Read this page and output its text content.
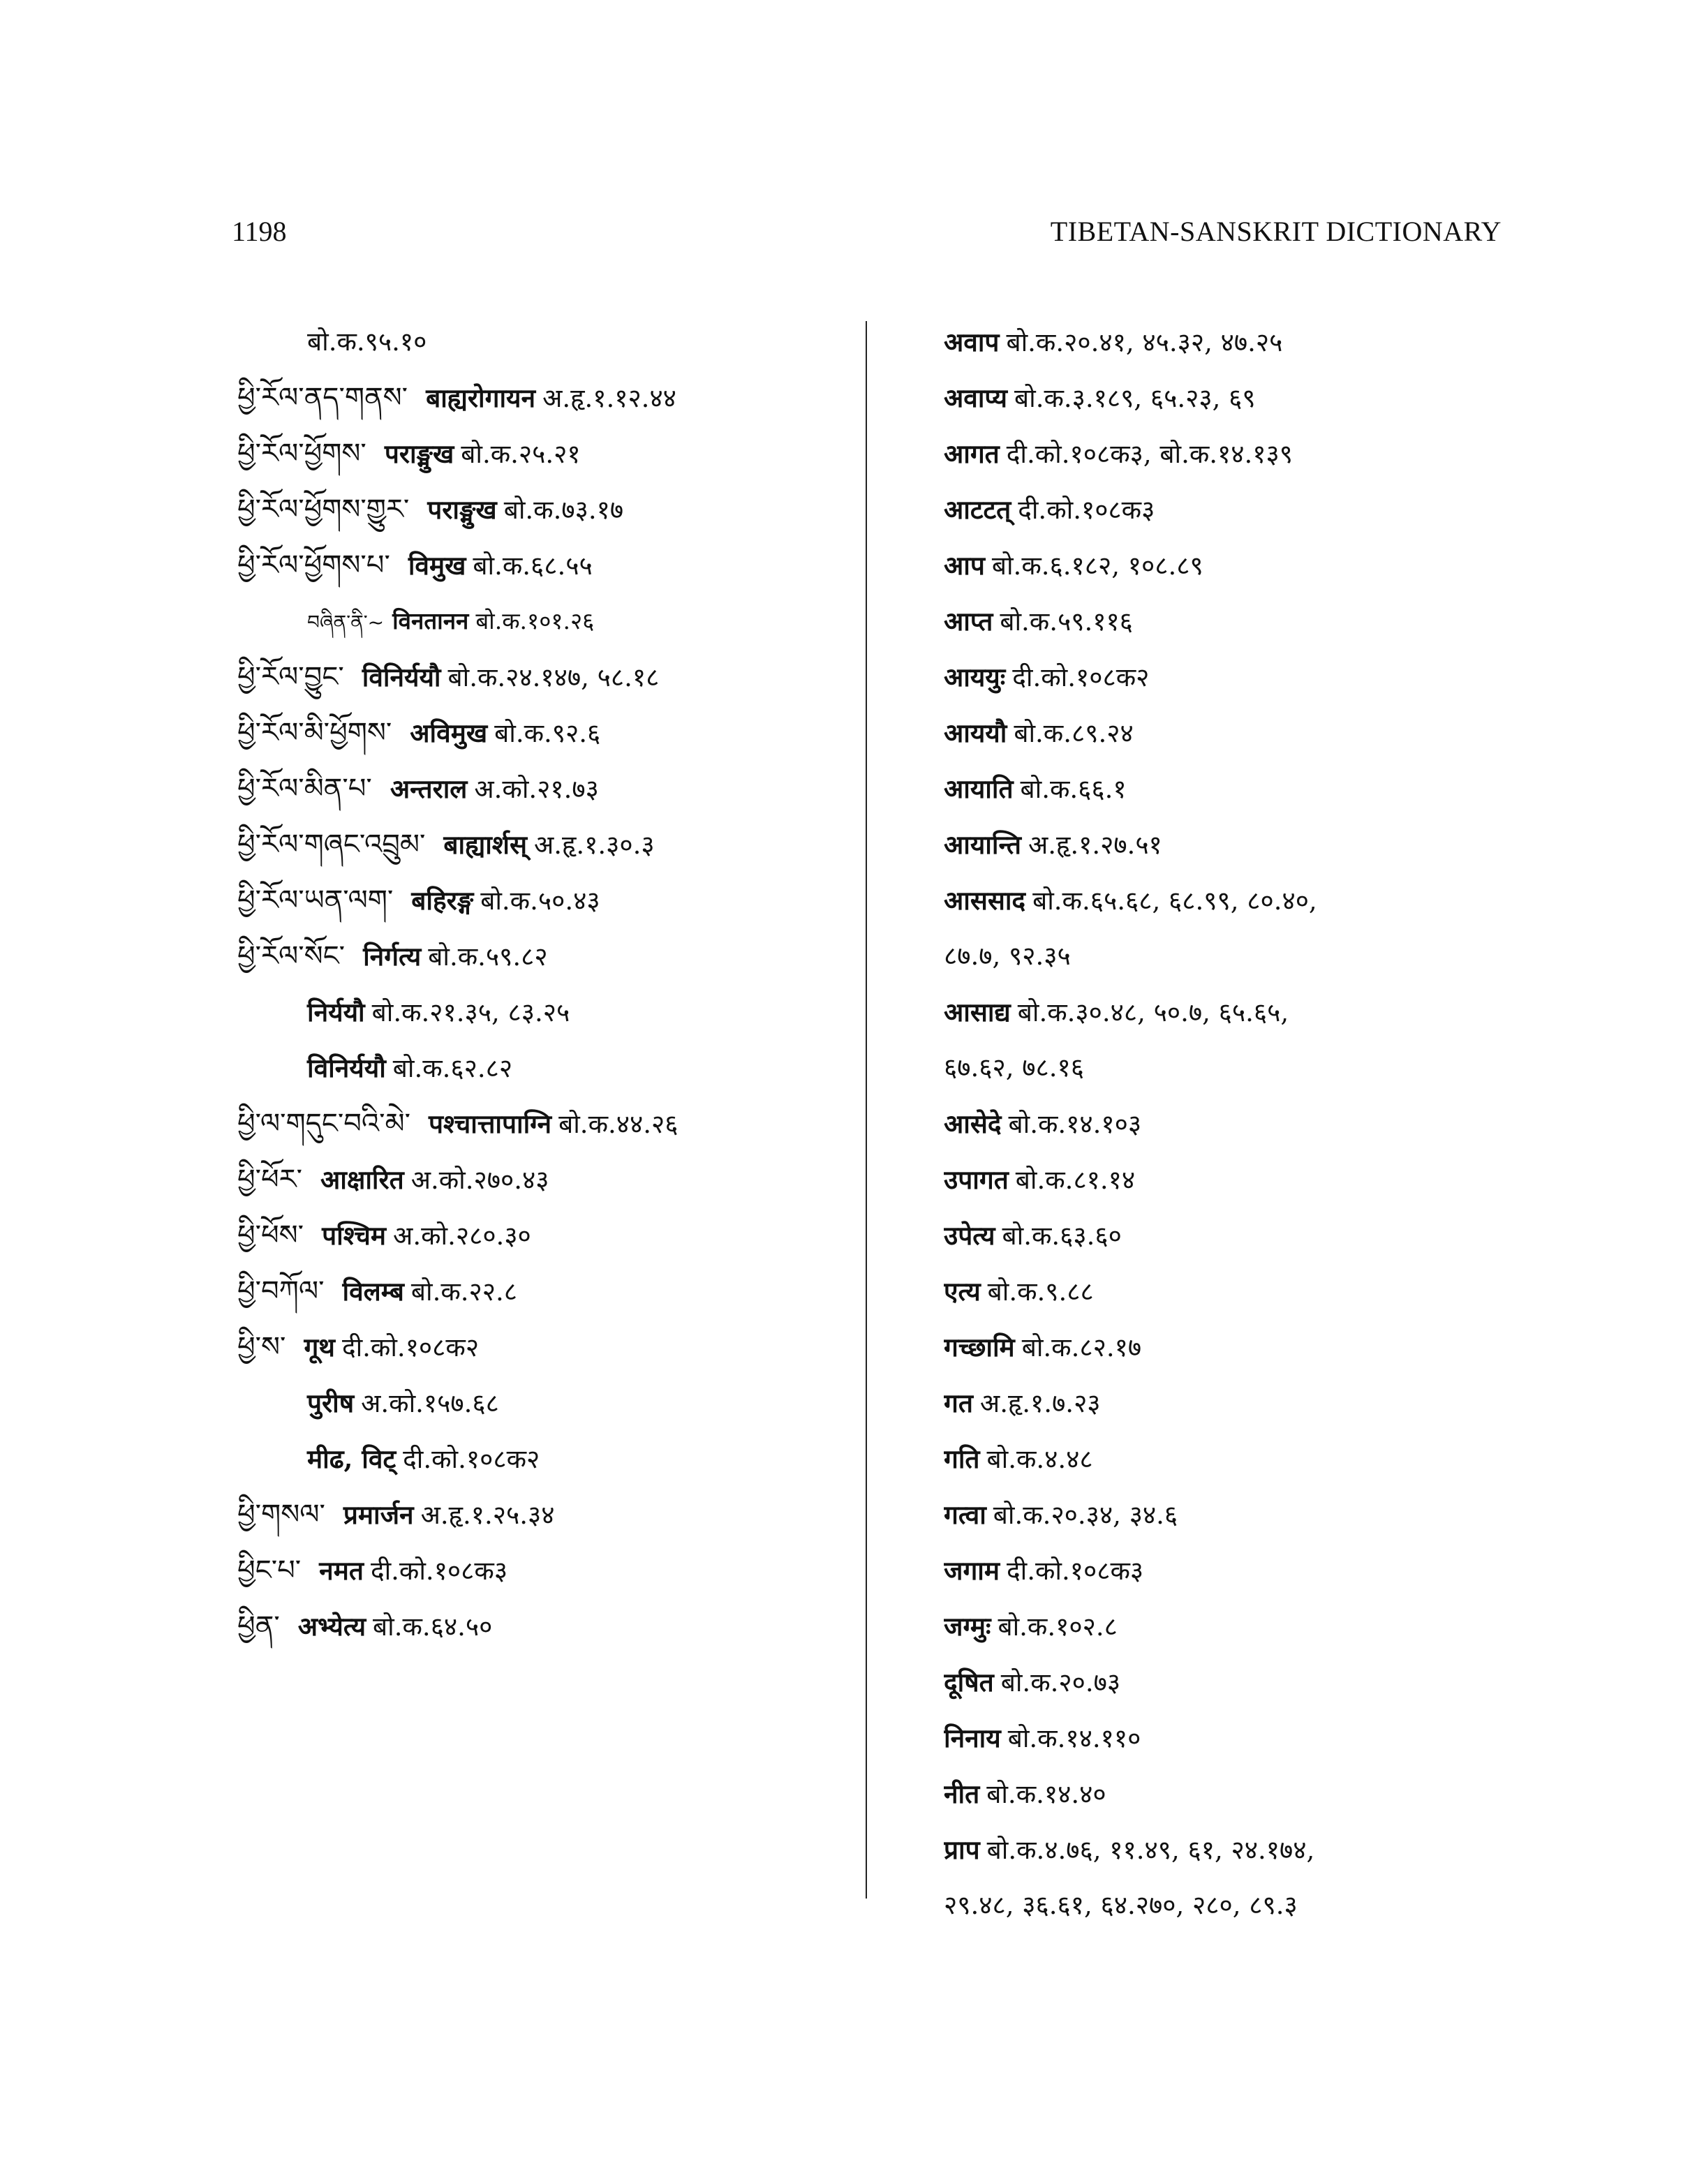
1198	TIBETAN-SANSKRIT DICTIONARY
बो.क.९५.१०
ཕྱི་རོལ་ནད་གནས་ बाह्यरोगायन अ.हृ.१.१२.४४
ཕྱི་རོལ་ཕྱོགས་ पराङ्मुख बो.क.२५.२१
ཕྱི་རོལ་ཕྱོགས་གྱུར་ पराङ्मुख बो.क.७३.१७
ཕྱི་རོལ་ཕྱོགས་པ་ विमुख बो.क.६८.५५
བཞིན་ནི་~ विनतानन बो.क.१०१.२६
ཕྱི་རོལ་བྱུང་ विनिर्ययौ बो.क.२४.१४७, ५८.१८
ཕྱི་རོལ་མི་ཕྱོགས་ अविमुख बो.क.९२.६
ཕྱི་རོལ་མིན་པ་ अन्तराल अ.को.२१.७३
ཕྱི་རོལ་གཞང་འབྲུམ་ बाह्यार्शस् अ.हृ.१.३०.३
ཕྱི་རོལ་ཡན་ལག་ बहिरङ्ग बो.क.५०.४३
ཕྱི་རོལ་སོང་ निर्गत्य बो.क.५९.८२
निर्ययौ बो.क.२१.३५, ८३.२५
विनिर्ययौ बो.क.६२.८२
ཕྱི་ལ་གདུང་བའི་མེ་ पश्चात्तापाग्नि बो.क.४४.२६
ཕྱི་ཕོར་ आक्षारित अ.को.२७०.४३
ཕྱི་ཕོས་ पश्चिम अ.को.२८०.३०
ཕྱི་བཀོལ་ विलम्ब बो.क.२२.८
ཕྱི་ས་ गूथ दी.को.१०८क२
पुरीष अ.को.१५७.६८
मीढ, विट् दी.को.१०८क२
ཕྱི་གསལ་ प्रमार्जन अ.हृ.१.२५.३४
ཕྱིང་པ་ नमत दी.को.१०८क३
ཕྱིན་ अभ्येत्य बो.क.६४.५०
अवाप बो.क.२०.४१, ४५.३२, ४७.२५
अवाप्य बो.क.३.१८९, ६५.२३, ६९
आगत दी.को.१०८क३, बो.क.१४.१३९
आटटत् दी.को.१०८क३
आप बो.क.६.१८२, १०८.८९
आप्त बो.क.५९.११६
आययुः दी.को.१०८क२
आययौ बो.क.८९.२४
आयाति बो.क.६६.१
आयान्ति अ.हृ.१.२७.५१
आससाद बो.क.६५.६८, ६८.९९, ८०.४०,
८७.७, ९२.३५
आसाद्य बो.क.३०.४८, ५०.७, ६५.६५,
६७.६२, ७८.१६
आसेदे बो.क.१४.१०३
उपागत बो.क.८१.१४
उपेत्य बो.क.६३.६०
एत्य बो.क.९.८८
गच्छामि बो.क.८२.१७
गत अ.हृ.१.७.२३
गति बो.क.४.४८
गत्वा बो.क.२०.३४, ३४.६
जगाम दी.को.१०८क३
जग्मुः बो.क.१०२.८
दूषित बो.क.२०.७३
निनाय बो.क.१४.११०
नीत बो.क.१४.४०
प्राप बो.क.४.७६, ११.४९, ६१, २४.१७४,
२९.४८, ३६.६१, ६४.२७०, २८०, ८९.३
